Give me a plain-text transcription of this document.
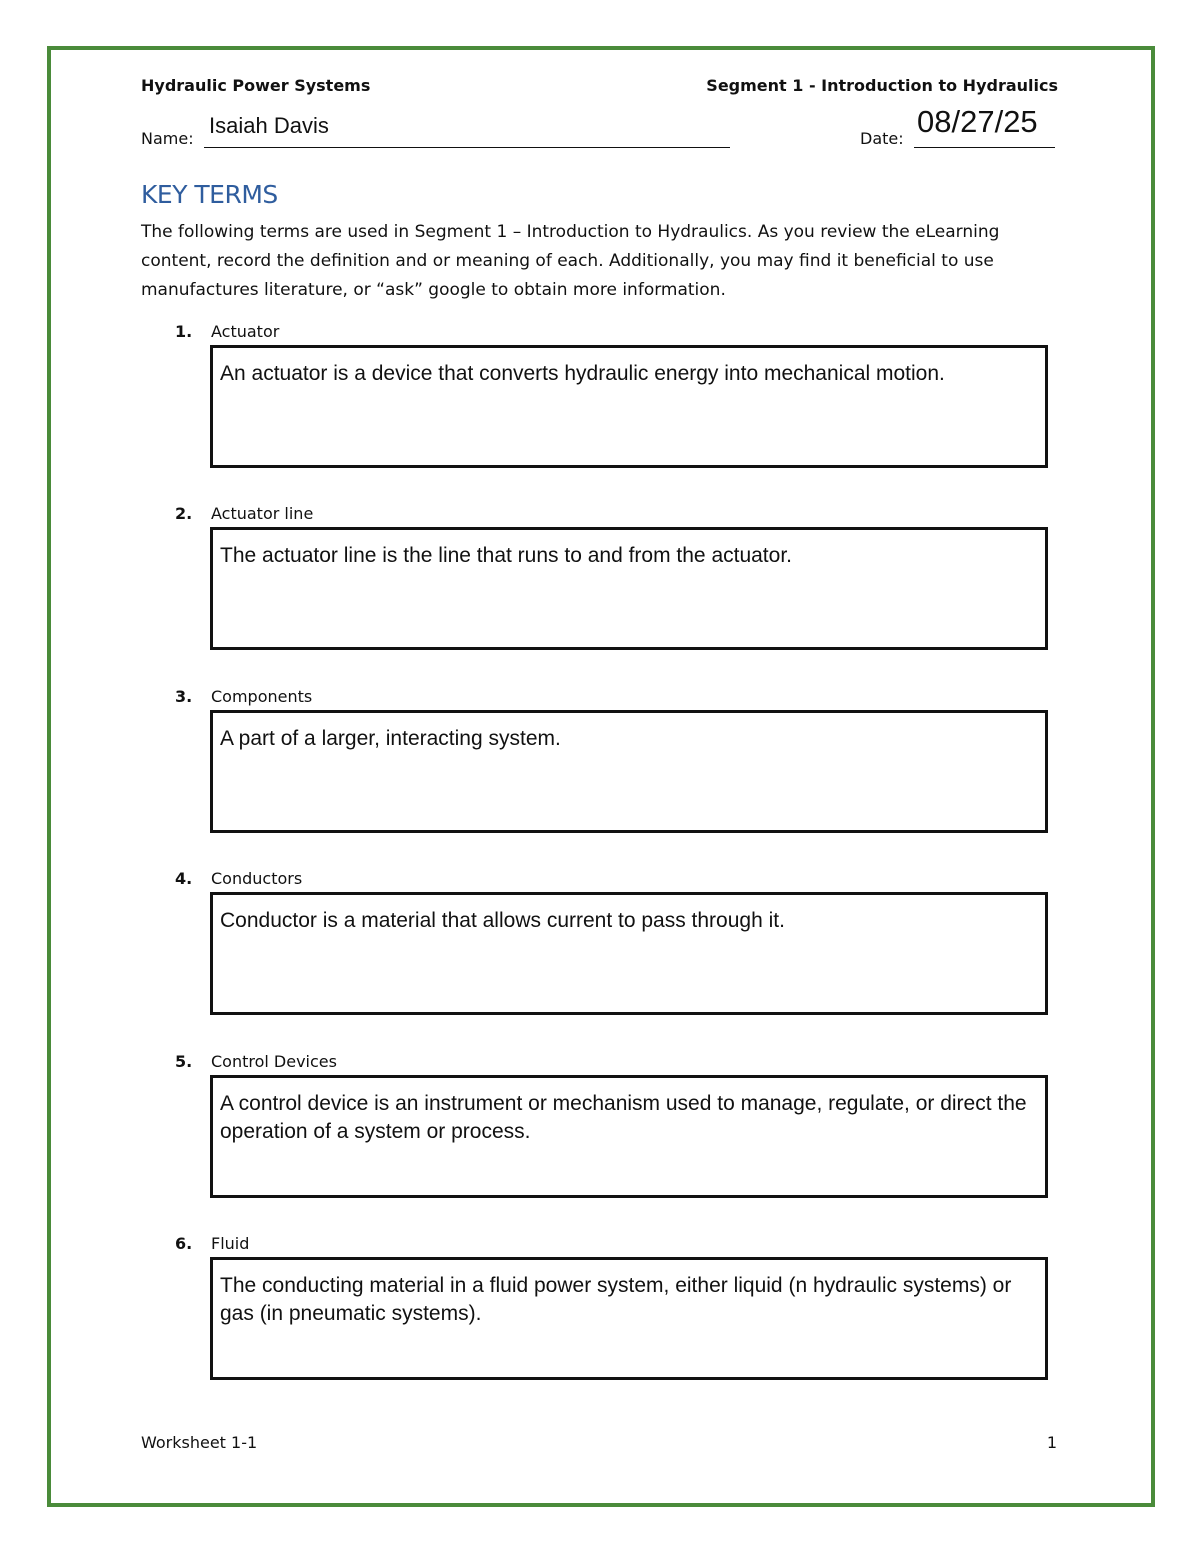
Hydraulic Power Systems	Segment 1 - Introduction to Hydraulics
Name:
Isaiah Davis
Date: 08/27/25
KEY TERMS
The following terms are used in Segment 1 – Introduction to Hydraulics. As you review the eLearning content, record the definition and or meaning of each. Additionally, you may find it beneficial to use manufactures literature, or “ask” google to obtain more information.
1. Actuator
An actuator is a device that converts hydraulic energy into mechanical motion.
2. Actuator line
The actuator line is the line that runs to and from the actuator.
3. Components
A part of a larger, interacting system.
4. Conductors
Conductor is a material that allows current to pass through it.
5. Control Devices
A control device is an instrument or mechanism used to manage, regulate, or direct the operation of a system or process.
6. Fluid
The conducting material in a fluid power system, either liquid (n hydraulic systems) or gas (in pneumatic systems).
Worksheet 1-1	1
